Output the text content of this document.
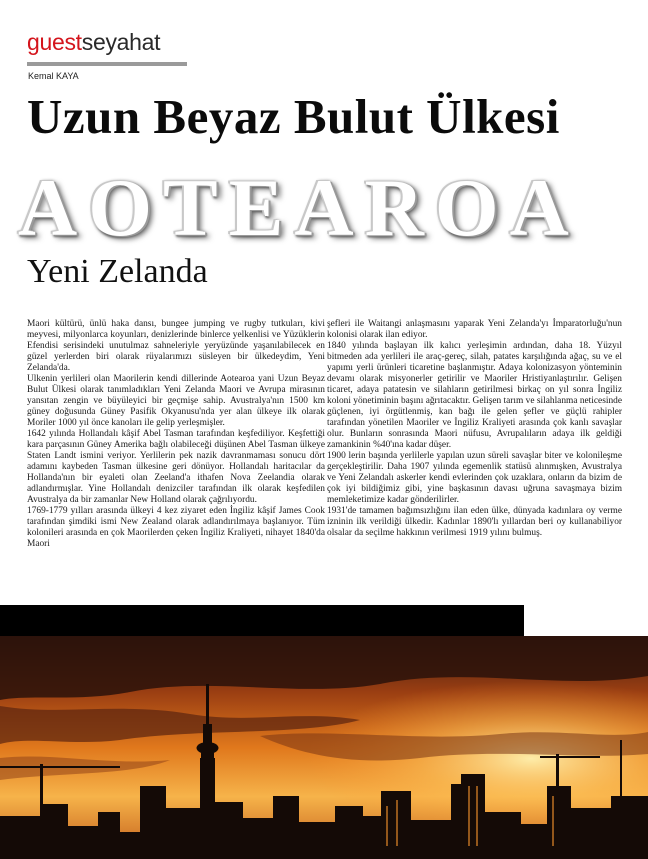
guestseyahat
Kemal KAYA
Uzun Beyaz Bulut Ülkesi
AOTEAROA
Yeni Zelanda

Maori kültürü, ünlü haka dansı, bungee jumping ve rugby tutkuları, kivi meyvesi, milyonlarca koyunları, denizlerinde binlerce yelkenlisi ve Yüzüklerin Efendisi serisindeki unutulmaz sahneleriyle yeryüzünde yaşanılabilecek en güzel yerlerden biri olarak rüyalarımızı süsleyen bir ülkedeydim, Yeni Zelanda'da.

Ulkenin yerlileri olan Maorilerin kendi dillerinde Aotearoa yani Uzun Beyaz Bulut Ülkesi olarak tanımladıkları Yeni Zelanda Maori ve Avrupa mirasının yansıtan zengin ve büyüleyici bir geçmişe sahip. Avustralya'nın 1500 km güney doğusunda Güney Pasifik Okyanusu'nda yer alan ülkeye ilk olarak Moriler 1000 yıl önce kanoları ile gelip yerleşmişler.

1642 yılında Hollandalı kâşif Abel Tasman tarafından keşfediliyor. Keşfettiği kara parçasının Güney Amerika bağlı olabileceği düşünen Abel Tasman ülkeye Staten Landt ismini veriyor. Yerlilerin pek nazik davranmaması sonucu dört adamını kaybeden Tasman ülkesine geri dönüyor. Hollandalı haritacılar da Hollanda'nın bir eyaleti olan Zeeland'a ithafen Nova Zeelandia olarak adlandırmışlar. Yine Hollandalı denizciler tarafından ilk olarak keşfedilen Avustralya da bir zamanlar New Holland olarak çağrılıyordu.

1769-1779 yılları arasında ülkeyi 4 kez ziyaret eden İngiliz kâşif James Cook tarafından şimdiki ismi New Zealand olarak adlandırılmaya başlanıyor. Tüm kolonileri arasında en çok Maorilerden çeken İngiliz Kraliyeti, nihayet 1840'da Maori

şefleri ile Waitangi anlaşmasını yaparak Yeni Zelanda'yı İmparatorluğu'nun kolonisi olarak ilan ediyor.

1840 yılında başlayan ilk kalıcı yerleşimin ardından, daha 18. Yüzyıl bitmeden ada yerlileri ile araç-gereç, silah, patates karşılığında ağaç, su ve el yapımı yerli ürünleri ticaretine başlanmıştır. Adaya kolonizasyon yönteminin devamı olarak misyonerler getirilir ve Maoriler Hristiyanlaştırılır. Gelişen ticaret, adaya patatesin ve silahların getirilmesi birkaç on yıl sonra İngiliz koloni yönetiminin başını ağrıtacaktır. Gelişen tarım ve silahlanma neticesinde güçlenen, iyi örgütlenmiş, kan bağı ile gelen şefler ve güçlü rahipler tarafından yönetilen Maoriler ve İngiliz Kraliyeti arasında çok kanlı savaşlar olur. Bunların sonrasında Maori nüfusu, Avrupalıların adaya ilk geldiği zamankinin %40'ına kadar düşer.

1900 lerin başında yerlilerle yapılan uzun süreli savaşlar biter ve kolonileşme gerçekleştirilir. Daha 1907 yılında egemenlik statüsü alınmışken, Avustralya ve Yeni Zelandalı askerler kendi evlerinden çok uzaklara, onların da bizim de çok iyi bildiğimiz gibi, yine başkasının davası uğruna savaşmaya bizim memleketimize kadar gönderilirler.

1931'de tamamen bağımsızlığını ilan eden ülke, dünyada kadınlara oy verme izninin ilk verildiği ülkedir. Kadınlar 1890'lı yıllardan beri oy kullanabiliyor olsalar da seçilme hakkının verilmesi 1919 yılını bulmuş.
